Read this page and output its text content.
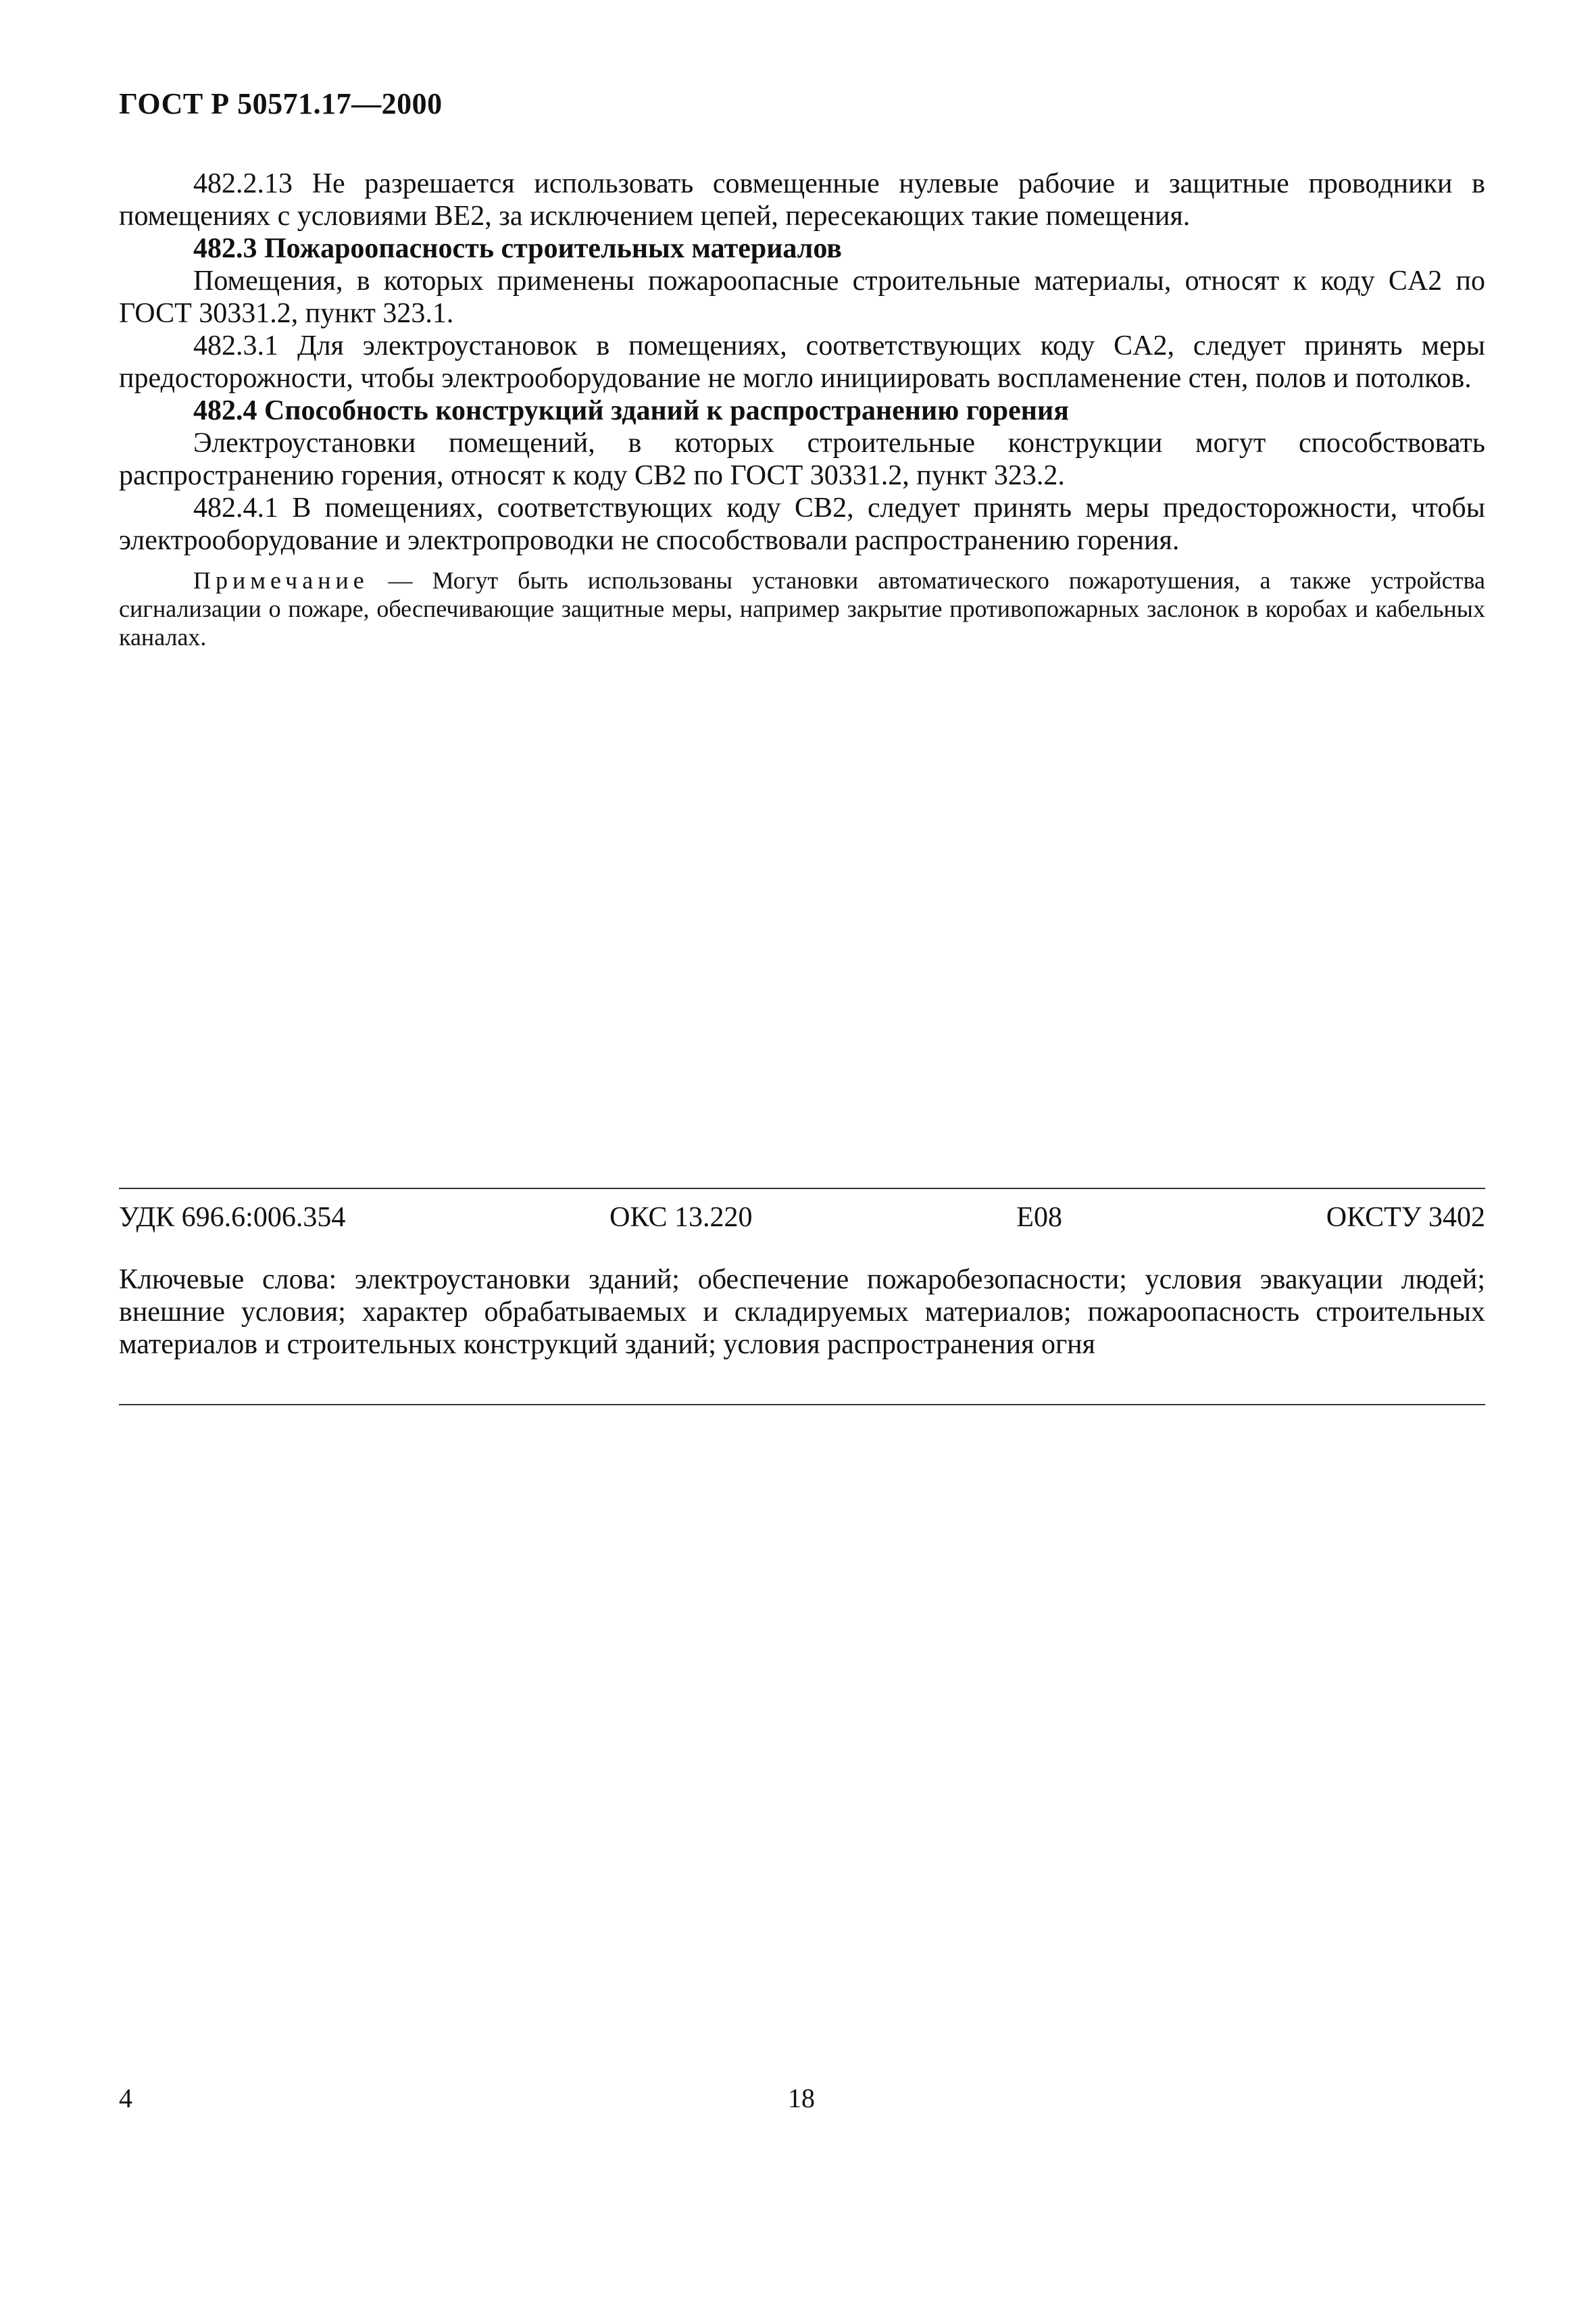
ГОСТ Р 50571.17—2000

482.2.13 Не разрешается использовать совмещенные нулевые рабочие и защитные проводники в помещениях с условиями BE2, за исключением цепей, пересекающих такие помещения.

482.3 Пожароопасность строительных материалов

Помещения, в которых применены пожароопасные строительные материалы, относят к коду CA2 по ГОСТ 30331.2, пункт 323.1.

482.3.1 Для электроустановок в помещениях, соответствующих коду CA2, следует принять меры предосторожности, чтобы электрооборудование не могло инициировать воспламенение стен, полов и потолков.

482.4 Способность конструкций зданий к распространению горения

Электроустановки помещений, в которых строительные конструкции могут способствовать распространению горения, относят к коду CB2 по ГОСТ 30331.2, пункт 323.2.

482.4.1 В помещениях, соответствующих коду CB2, следует принять меры предосторожности, чтобы электрооборудование и электропроводки не способствовали распространению горения.

Примечание — Могут быть использованы установки автоматического пожаротушения, а также устройства сигнализации о пожаре, обеспечивающие защитные меры, например закрытие противопожарных заслонок в коробах и кабельных каналах.

УДК 696.6:006.354	ОКС 13.220	Е08	ОКСТУ 3402
Ключевые слова: электроустановки зданий; обеспечение пожаробезопасности; условия эвакуации людей; внешние условия; характер обрабатываемых и складируемых материалов; пожароопасность строительных материалов и строительных конструкций зданий; условия распространения огня
4	18
